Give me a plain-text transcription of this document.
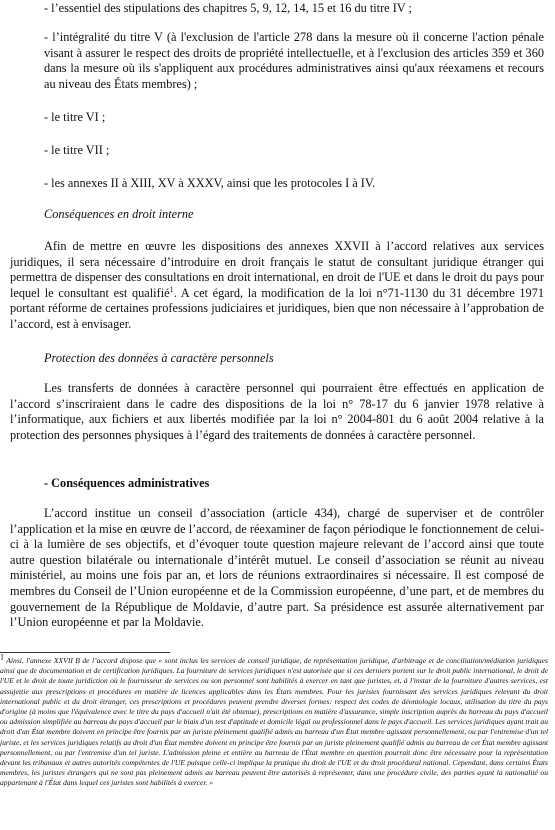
- l’essentiel des stipulations des chapitres 5, 9, 12, 14, 15 et 16 du titre IV ;

- l’intégralité du titre V (à l'exclusion de l'article 278 dans la mesure où il concerne l'action pénale visant à assurer le respect des droits de propriété intellectuelle, et à l'exclusion des articles 359 et 360 dans la mesure où ils s'appliquent aux procédures administratives ainsi qu'aux réexamens et recours au niveau des États membres) ;

- le titre VI ;

- le titre VII ;

- les annexes II à XIII, XV à XXXV, ainsi que les protocoles I à IV.

Conséquences en droit interne

Afin de mettre en œuvre les dispositions des annexes XXVII à l’accord relatives aux services juridiques, il sera nécessaire d’introduire en droit français le statut de consultant juridique étranger qui permettra de dispenser des consultations en droit international, en droit de l'UE et dans le droit du pays pour lequel le consultant est qualifié$^1$. A cet égard, la modification de la loi n°71-1130 du 31 décembre 1971 portant réforme de certaines professions judiciaires et juridiques, bien que non nécessaire à l’approbation de l’accord, est à envisager.

Protection des données à caractère personnels

Les transferts de données à caractère personnel qui pourraient être effectués en application de l’accord s’inscriraient dans le cadre des dispositions de la loi n° 78-17 du 6 janvier 1978 relative à l’informatique, aux fichiers et aux libertés modifiée par la loi n° 2004-801 du 6 août 2004 relative à la protection des personnes physiques à l’égard des traitements de données à caractère personnel.

- Conséquences administratives

L’accord institue un conseil d’association (article 434), chargé de superviser et de contrôler l’application et la mise en œuvre de l’accord, de réexaminer de façon périodique le fonctionnement de celui-ci à la lumière de ses objectifs, et d’évoquer toute question majeure relevant de l’accord ainsi que toute autre question bilatérale ou internationale d’intérêt mutuel. Le conseil d’association se réunit au niveau ministériel, au moins une fois par an, et lors de réunions extraordinaires si nécessaire. Il est composé de membres du Conseil de l’Union européenne et de la Commission européenne, d’une part, et de membres du gouvernement de la République de Moldavie, d’autre part. Sa présidence est assurée alternativement par l’Union européenne et par la Moldavie.

$^1$ Ainsi, l'annexe XXVII B de l’accord dispose que « sont inclus les services de conseil juridique, de représentation juridique, d'arbitrage et de conciliation/médiation juridiques ainsi que de documentation et de certification juridiques. La fourniture de services juridiques n'est autorisée que si ces derniers portent sur le droit public international, le droit de l'UE et le droit de toute juridiction où le fournisseur de services ou son personnel sont habilités à exercer en tant que juristes, et, à l'instar de la fourniture d'autres services, est assujettie aux prescriptions et procédures en matière de licences applicables dans les États membres. Pour les juristes fournissant des services juridiques relevant du droit international public et du droit étranger, ces prescriptions et procédures peuvent prendre diverses formes: respect des codes de déontologie locaux, utilisation du titre du pays d'origine (à moins que l'équivalence avec le titre du pays d'accueil n'ait été obtenue), prescriptions en matière d'assurance, simple inscription auprès du barreau du pays d'accueil ou admission simplifiée au barreau du pays d'accueil par le biais d'un test d'aptitude et domicile légal ou professionnel dans le pays d'accueil. Les services juridiques ayant trait au droit d'un État membre doivent en principe être fournis par un juriste pleinement qualifié admis au barreau d'un État membre agissant personnellement, ou par l'entremise d'un tel juriste, et les services juridiques relatifs au droit d'un État membre doivent en principe être fournis par un juriste pleinement qualifié admis au barreau de cet État membre agissant personnellement, ou par l'entremise d'un tel juriste. L'admission pleine et entière au barreau de l'État membre en question pourrait donc être nécessaire pour la représentation devant les tribunaux et autres autorités compétentes de l'UE puisque celle-ci implique la pratique du droit de l'UE et du droit procédural national. Cependant, dans certains États membres, les juristes étrangers qui ne sont pas pleinement admis au barreau peuvent être autorisés à représenter, dans une procédure civile, des parties ayant la nationalité ou appartenant à l'État dans lequel ces juristes sont habilités à exercer. »
